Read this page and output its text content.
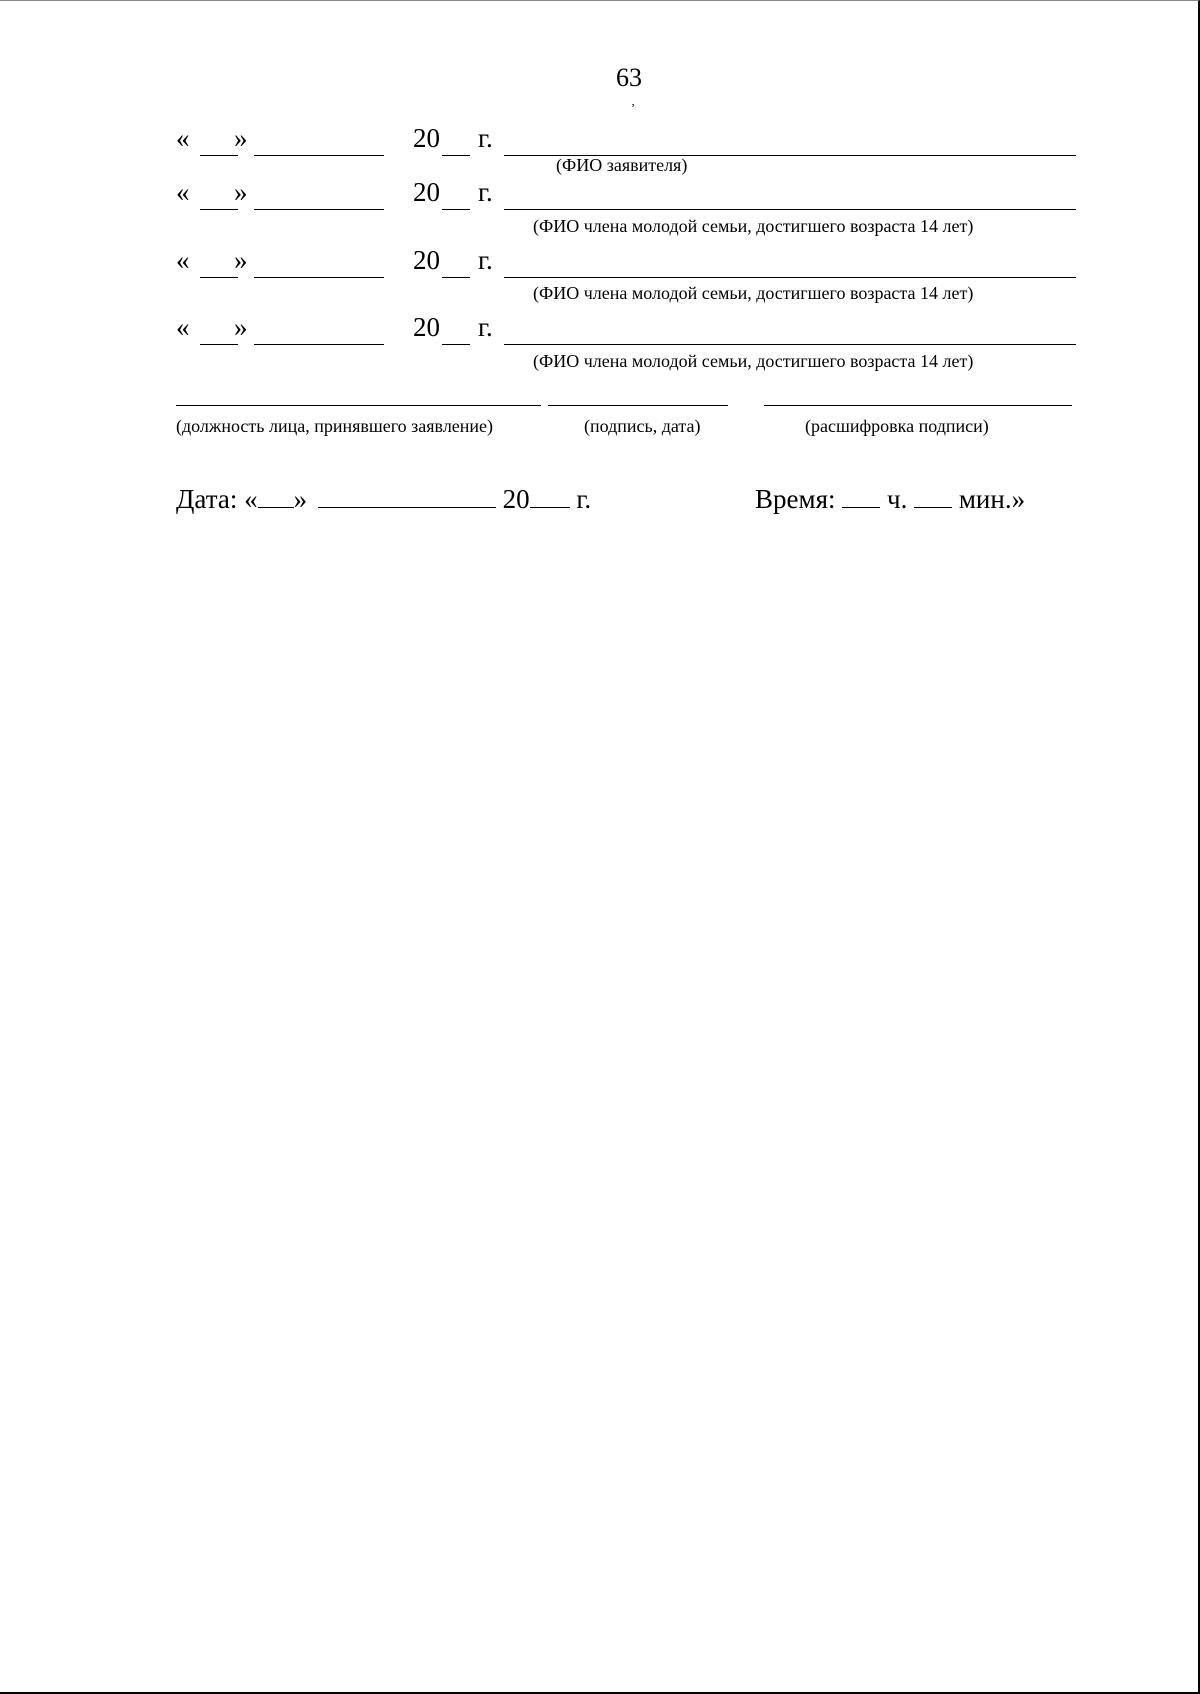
63
ʼ
« »	20 г.
(ФИО заявителя)
« »	20 г.
(ФИО члена молодой семьи, достигшего возраста 14 лет)
« »	20 г.
(ФИО члена молодой семьи, достигшего возраста 14 лет)
« »	20 г.
(ФИО члена молодой семьи, достигшего возраста 14 лет)
(должность лица, принявшего заявление)	(подпись, дата)	(расшифровка подписи)
Дата: « »	20 г.	Время: ч. мин.»
